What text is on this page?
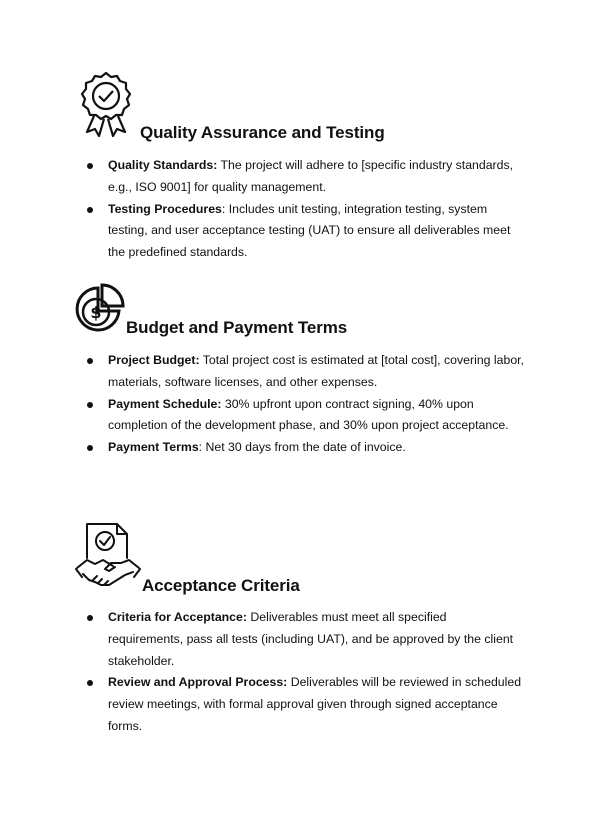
Quality Assurance and Testing
Quality Standards: The project will adhere to [specific industry standards, e.g., ISO 9001] for quality management.
Testing Procedures: Includes unit testing, integration testing, system testing, and user acceptance testing (UAT) to ensure all deliverables meet the predefined standards.
$
Budget and Payment Terms
Project Budget: Total project cost is estimated at [total cost], covering labor, materials, software licenses, and other expenses.
Payment Schedule: 30% upfront upon contract signing, 40% upon completion of the development phase, and 30% upon project acceptance.
Payment Terms: Net 30 days from the date of invoice.
Acceptance Criteria
Criteria for Acceptance: Deliverables must meet all specified requirements, pass all tests (including UAT), and be approved by the client stakeholder.
Review and Approval Process: Deliverables will be reviewed in scheduled review meetings, with formal approval given through signed acceptance forms.
